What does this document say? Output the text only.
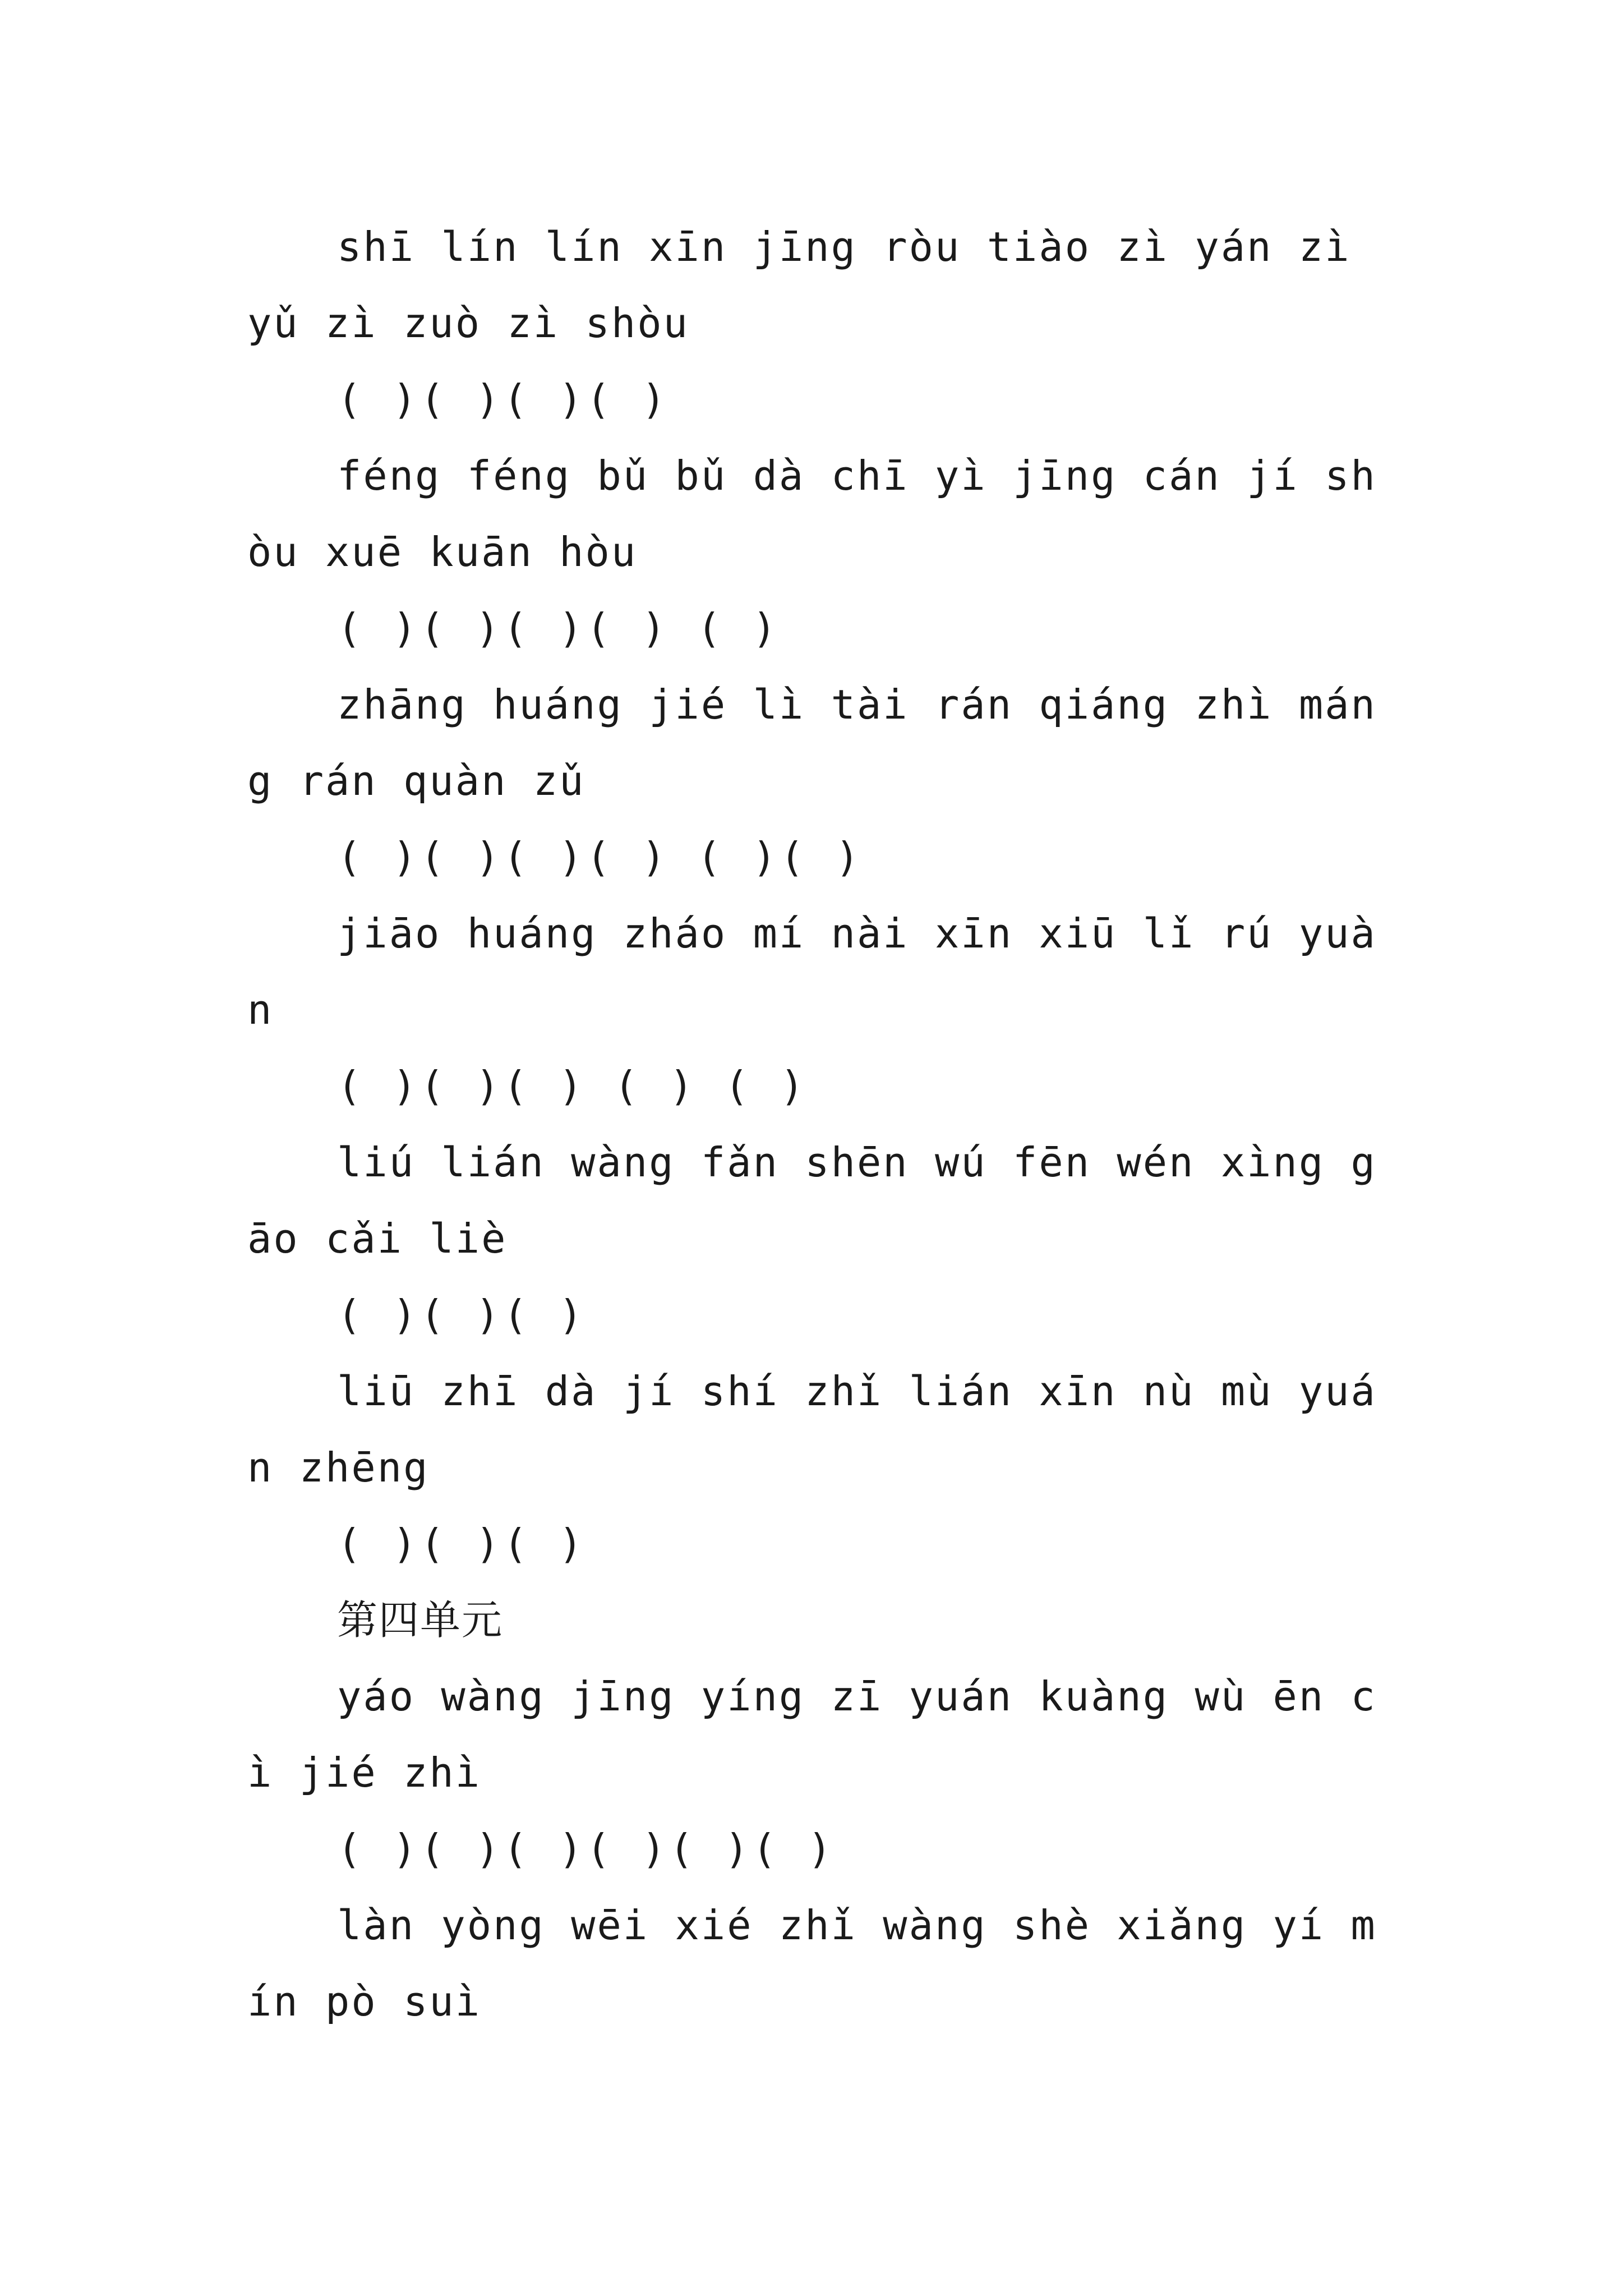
shī lín lín xīn jīng ròu tiào zì yán zì yǔ zì zuò zì shòu

( )( )( )( )

féng féng bǔ bǔ dà chī yì jīng cán jí shòu xuē kuān hòu

( )( )( )( ) ( )

zhāng huáng jié lì tài rán qiáng zhì máng rán quàn zǔ

( )( )( )( ) ( )( )

jiāo huáng zháo mí nài xīn xiū lǐ rú yuàn

( )( )( ) ( ) ( )

liú lián wàng fǎn shēn wú fēn wén xìng gāo cǎi liè

( )( )( )

liū zhī dà jí shí zhǐ lián xīn nù mù yuán zhēng

( )( )( )

第四单元

yáo wàng jīng yíng zī yuán kuàng wù ēn cì jié zhì

( )( )( )( )( )( )

làn yòng wēi xié zhǐ wàng shè xiǎng yí mín pò suì
